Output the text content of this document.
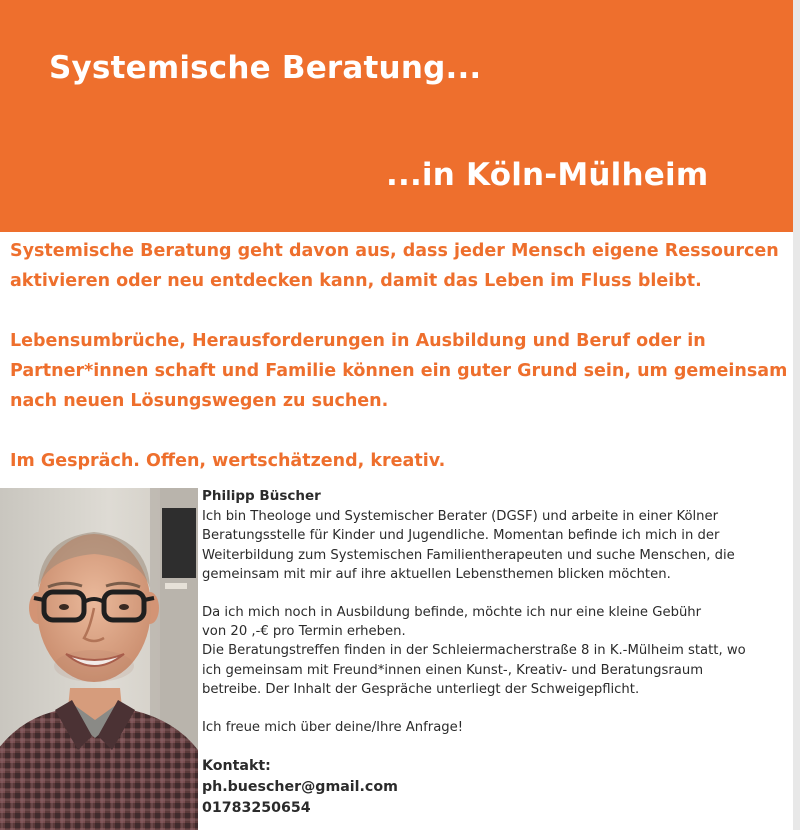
Systemische Beratung...
...in Köln-Mülheim

Systemische Beratung geht davon aus, dass jeder Mensch eigene Ressourcen
aktivieren oder neu entdecken kann, damit das Leben im Fluss bleibt.

Lebensumbrüche, Herausforderungen in Ausbildung und Beruf oder in
Partner*innen schaft und Familie können ein guter Grund sein, um gemeinsam
nach neuen Lösungswegen zu suchen.

Im Gespräch. Offen, wertschätzend, kreativ.

Philipp Büscher

Ich bin Theologe und Systemischer Berater (DGSF) und arbeite in einer Kölner
Beratungsstelle für Kinder und Jugendliche. Momentan befinde ich mich in der
Weiterbildung zum Systemischen Familientherapeuten und suche Menschen, die
gemeinsam mit mir auf ihre aktuellen Lebensthemen blicken möchten.

Da ich mich noch in Ausbildung befinde, möchte ich nur eine kleine Gebühr
von 20 ,-€ pro Termin erheben.
Die Beratungstreffen finden in der Schleiermacherstraße 8 in K.-Mülheim statt, wo
ich gemeinsam mit Freund*innen einen Kunst-, Kreativ- und Beratungsraum
betreibe. Der Inhalt der Gespräche unterliegt der Schweigepflicht.

Ich freue mich über deine/Ihre Anfrage!

Kontakt:
ph.buescher@gmail.com
01783250654
